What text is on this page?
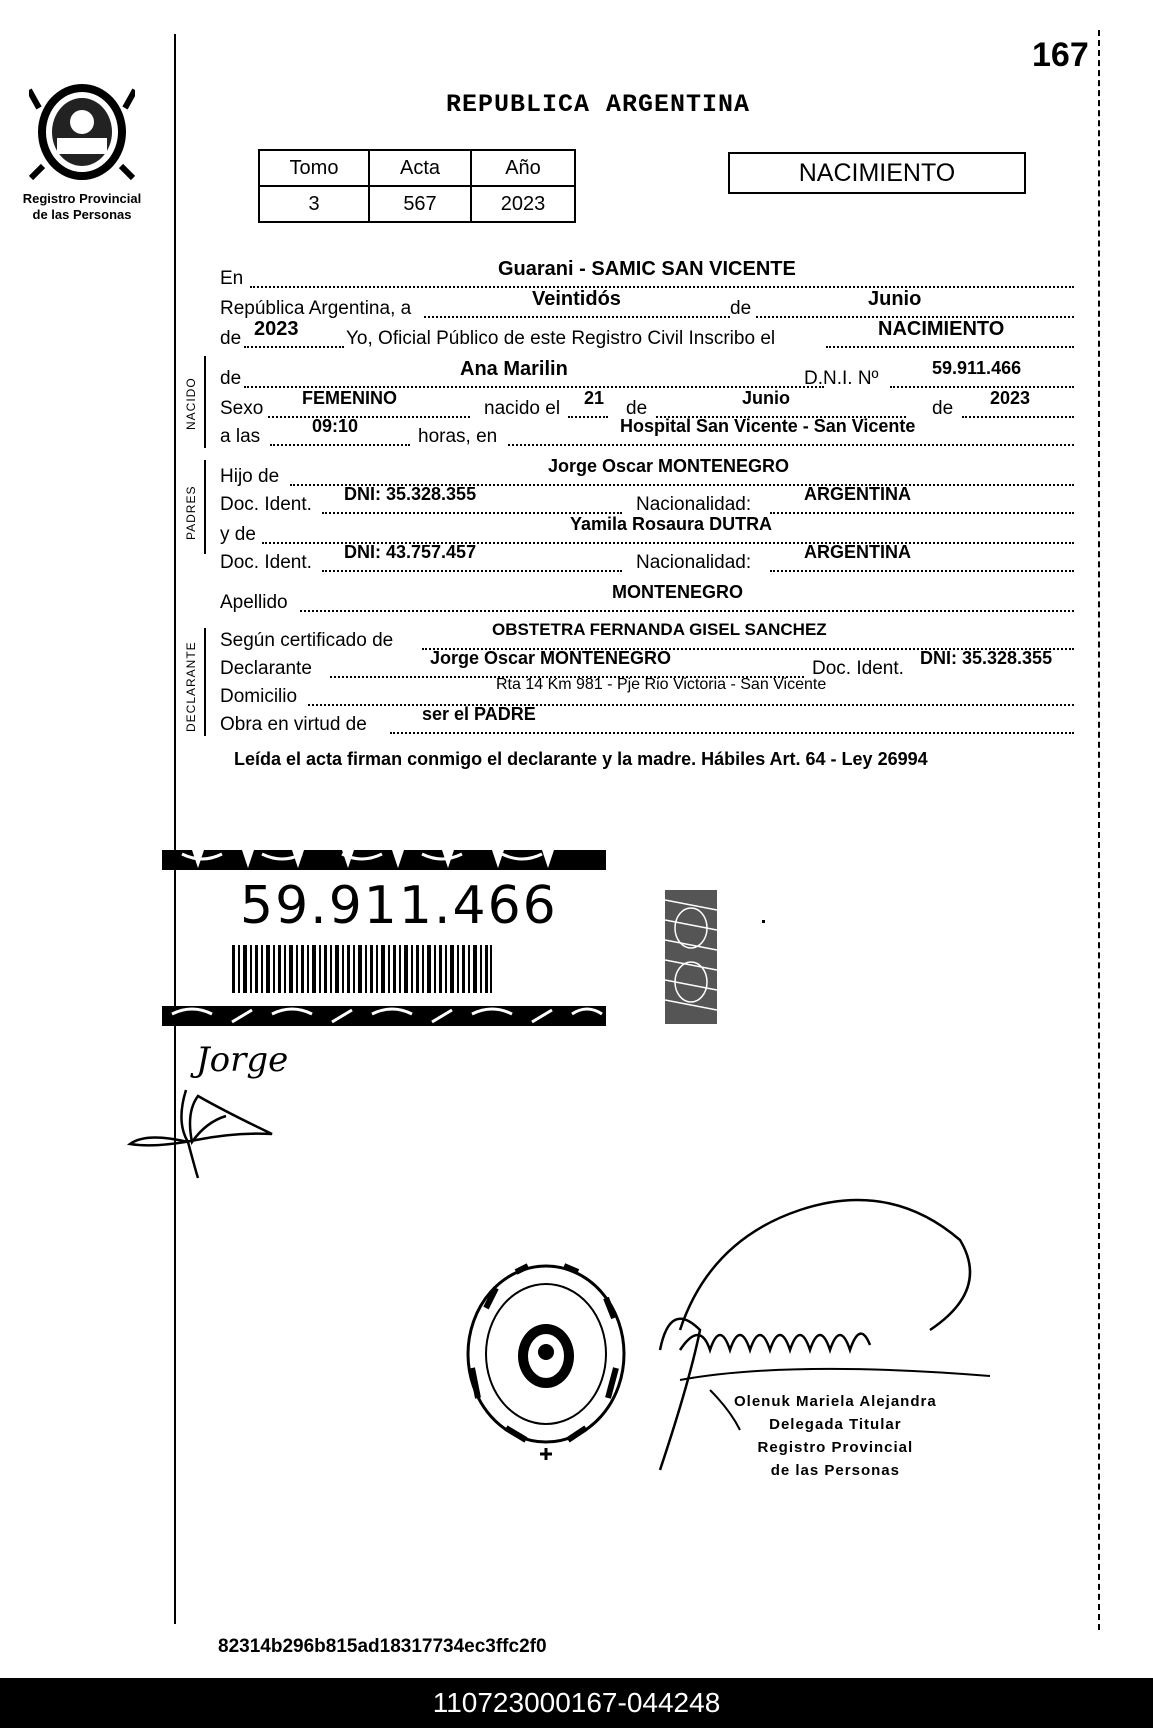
167
REPUBLICA ARGENTINA
Registro Provincial
de las Personas
Tomo	Acta	Año
3	567	2023
NACIMIENTO
En	Guarani - SAMIC SAN VICENTE
República Argentina, a	Veintidós	de	Junio
de 2023	Yo, Oficial Público de este Registro Civil Inscribo el	NACIMIENTO
NACIDO de	Ana Marilin	D.N.I. Nº	59.911.466
Sexo FEMENINO	nacido el 21 de	Junio	de 2023
a las	09:10	horas, en	Hospital San Vicente - San Vicente
PADRES
Hijo de	Jorge Oscar MONTENEGRO
Doc. Ident. DNI: 35.328.355	Nacionalidad:	ARGENTINA
y de	Yamila Rosaura DUTRA
Doc. Ident. DNI: 43.757.457	Nacionalidad:	ARGENTINA
Apellido	MONTENEGRO
DECLARANTE
Según certificado de
OBSTETRA FERNANDA GISEL SANCHEZ
Declarante	Jorge Oscar MONTENEGRO	Doc. Ident. DNI: 35.328.355
Domicilio
Rta 14 Km 981 - Pje Rio Victoria - San Vicente
Obra en virtud de	ser el PADRE
Leída el acta firman conmigo el declarante y la madre. Hábiles Art. 64 - Ley 26994
59.911.466
Jorge
Olenuk Mariela Alejandra
Delegada Titular
Registro Provincial
de las Personas
82314b296b815ad18317734ec3ffc2f0
110723000167-044248
